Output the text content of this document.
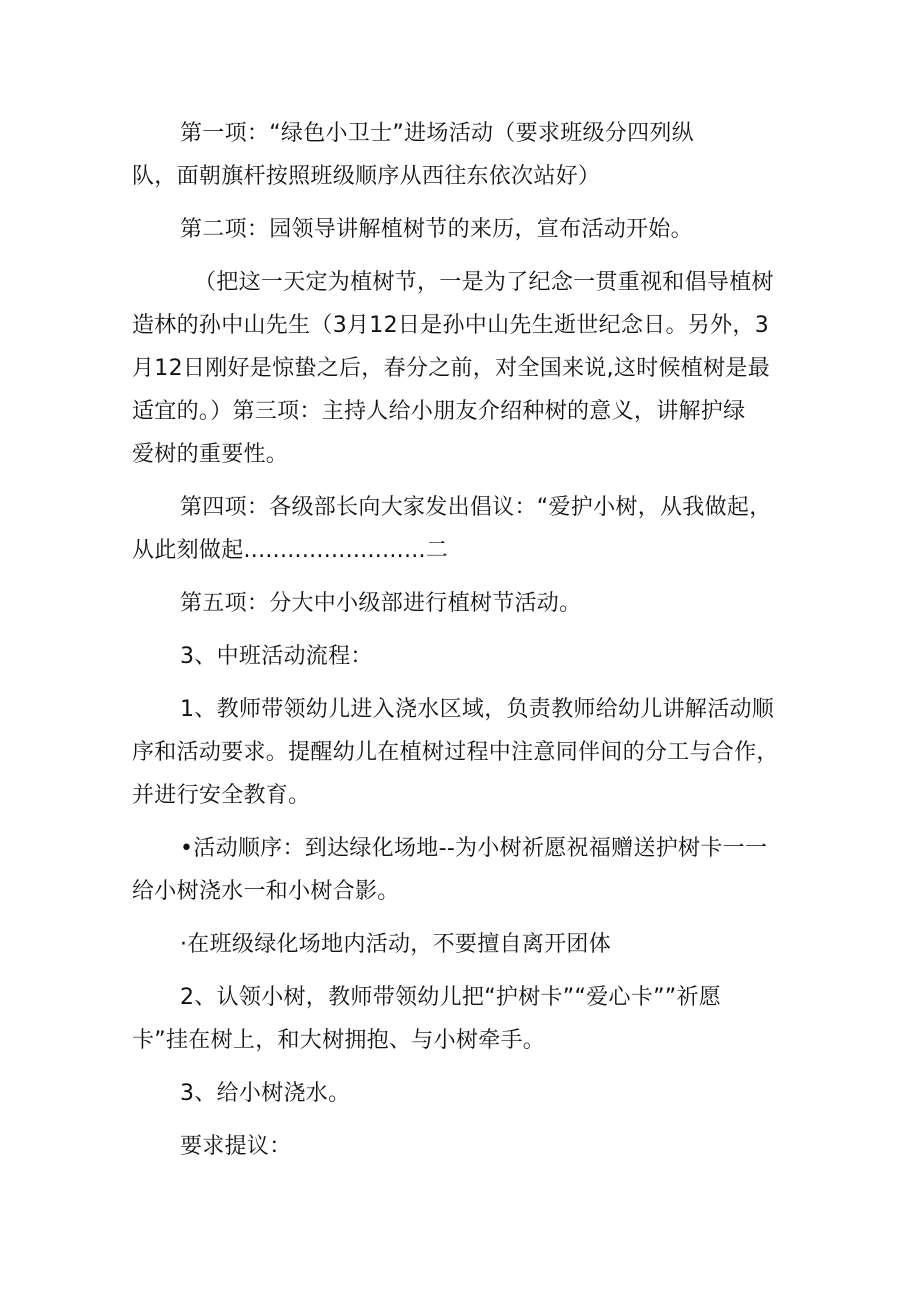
第一项：“绿色小卫士”进场活动（要求班级分四列纵
队，面朝旗杆按照班级顺序从西往东依次站好）

第二项：园领导讲解植树节的来历，宣布活动开始。

（把这一天定为植树节，一是为了纪念一贯重视和倡导植树
造林的孙中山先生（3月12日是孙中山先生逝世纪念日。另外，3
月12日刚好是惊蛰之后，春分之前，对全国来说,这时候植树是最
适宜的。）第三项：主持人给小朋友介绍种树的意义，讲解护绿
爱树的重要性。

第四项：各级部长向大家发出倡议：“爱护小树，从我做起，
从此刻做起.........................二

第五项：分大中小级部进行植树节活动。

3、中班活动流程：

1、教师带领幼儿进入浇水区域，负责教师给幼儿讲解活动顺
序和活动要求。提醒幼儿在植树过程中注意同伴间的分工与合作，
并进行安全教育。

•活动顺序：到达绿化场地--为小树祈愿祝福赠送护树卡一一
给小树浇水一和小树合影。

·在班级绿化场地内活动，不要擅自离开团体

2、认领小树，教师带领幼儿把“护树卡”“爱心卡””祈愿
卡”挂在树上，和大树拥抱、与小树牵手。

3、给小树浇水。

要求提议：
